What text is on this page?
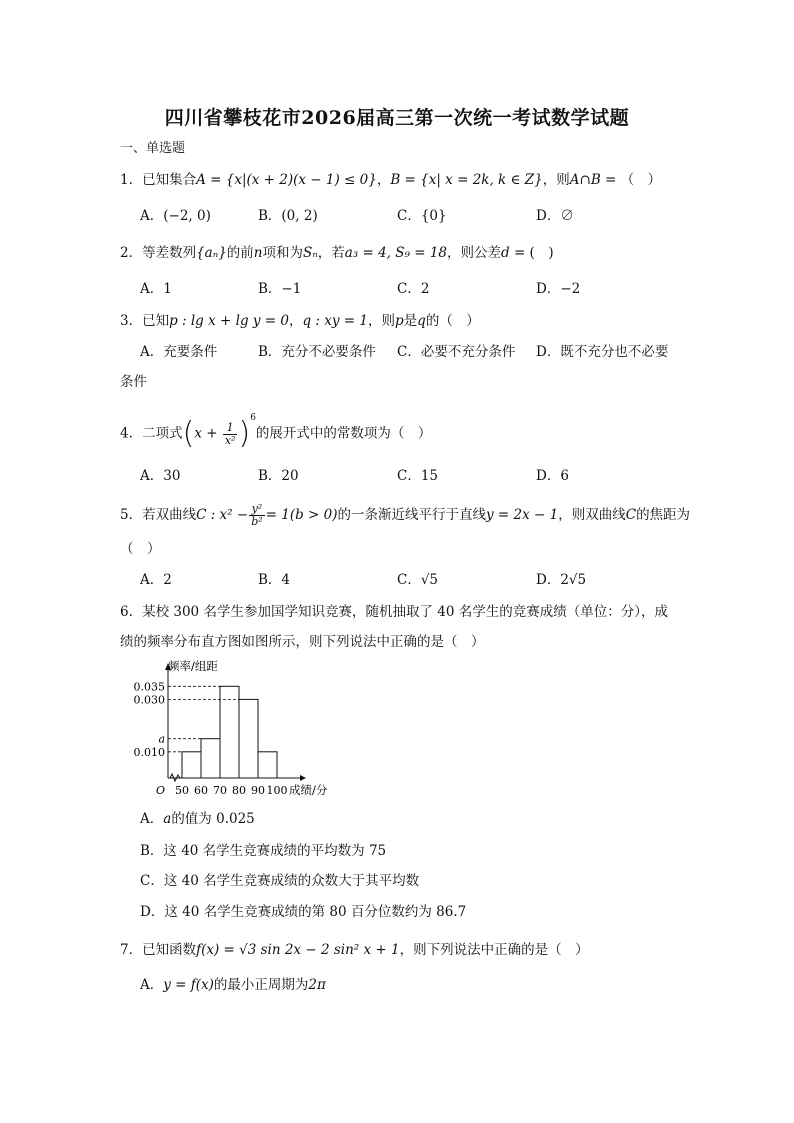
四川省攀枝花市2026届高三第一次统一考试数学试题
一、单选题
1．已知集合A = {x|(x + 2)(x − 1) ≤ 0}，B = {x| x = 2k, k ∈ Z}，则A∩B = （　）
A．(−2, 0)	B．(0, 2)	C．{0}	D．∅
2．等差数列{aₙ}的前n项和为Sₙ，若a₃ = 4, S₉ = 18，则公差d = (　)
A．1	B．−1	C．2	D．−2
3．已知p : lg x + lg y = 0，q : xy = 1，则p是q的（　）
A．充要条件	B．充分不必要条件 C．必要不充分条件 D．既不充分也不必要
条件
4．二项式$(x + \frac{1}{\text{x²}} )^6$的展开式中的常数项为（　）
A．30	B．20	C．15	D．6
5．若双曲线C : $x^2 - \frac{\text{y²}}{\text{b²}} = 1(b > 0)$的一条渐近线平行于直线y = 2x − 1，则双曲线C的焦距为
（　）
A．2	B．4	C．√5	D．2√5
6．某校 300 名学生参加国学知识竞赛，随机抽取了 40 名学生的竞赛成绩（单位：分），成
绩的频率分布直方图如图所示，则下列说法中正确的是（　）
0.035
0.030
a
0.010
50 60 70 80 90 100
O
频率/组距
成绩/分
A．a的值为 0.025
B．这 40 名学生竞赛成绩的平均数为 75
C．这 40 名学生竞赛成绩的众数大于其平均数
D．这 40 名学生竞赛成绩的第 80 百分位数约为 86.7
7．已知函数f(x) = √3 sin 2x − 2 sin² x + 1，则下列说法中正确的是（　）
A．y = f(x)的最小正周期为2π
